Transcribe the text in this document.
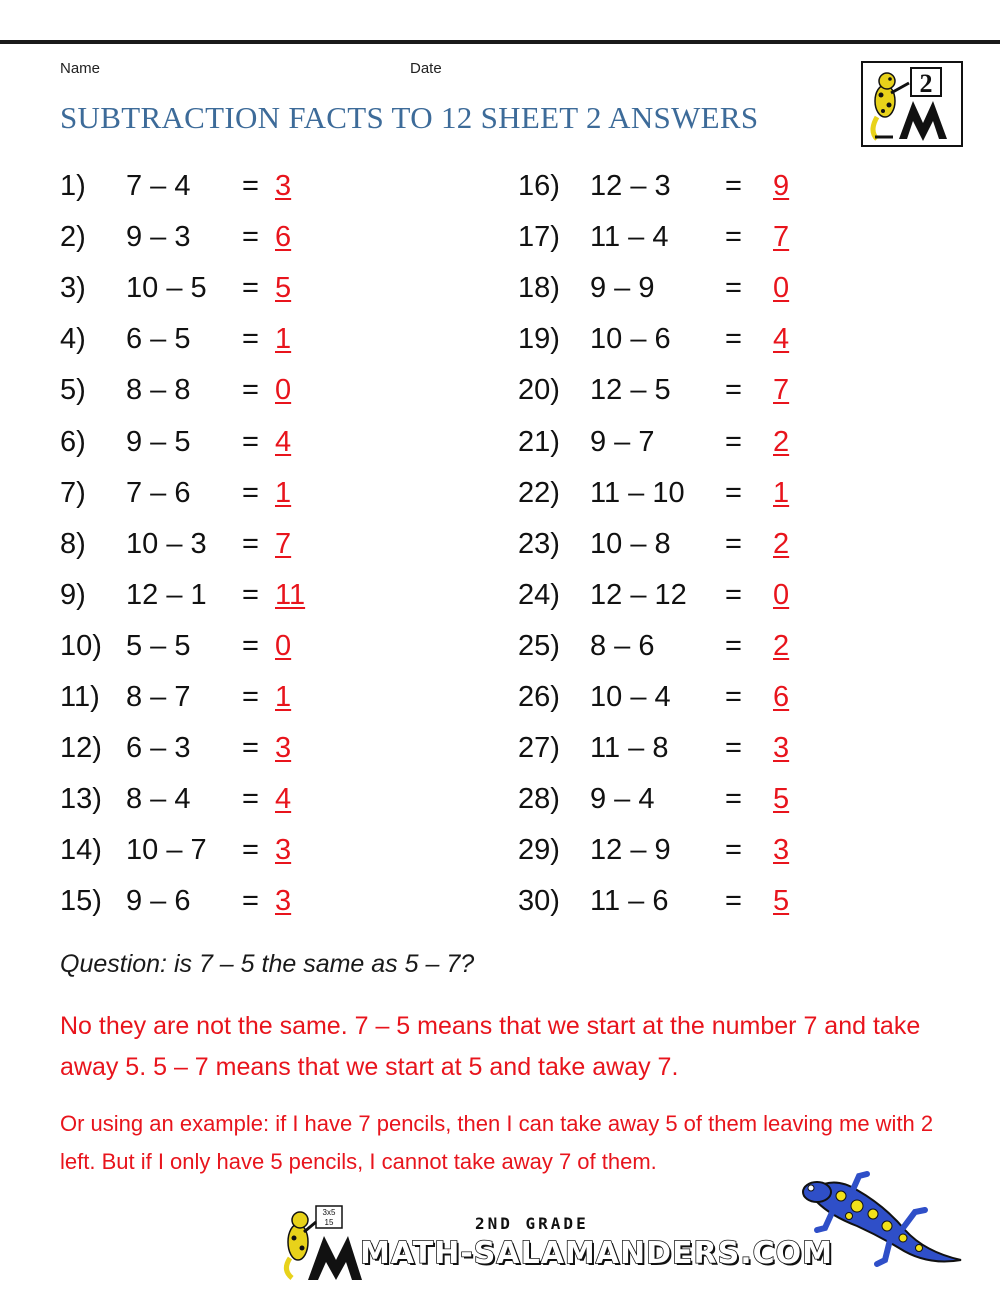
Name	Date
SUBTRACTION FACTS TO 12 SHEET 2 ANSWERS
2
1) 7 – 4 = 3
2) 9 – 3 = 6
3) 10 – 5 = 5
4) 6 – 5 = 1
5) 8 – 8 = 0
6) 9 – 5 = 4
7) 7 – 6 = 1
8) 10 – 3 = 7
9) 12 – 1 = 11
10) 5 – 5 = 0
11) 8 – 7 = 1
12) 6 – 3 = 3
13) 8 – 4 = 4
14) 10 – 7 = 3
15) 9 – 6 = 3
16) 12 – 3 = 9
17) 11 – 4 = 7
18) 9 – 9 = 0
19) 10 – 6 = 4
20) 12 – 5 = 7
21) 9 – 7 = 2
22) 11 – 10 = 1
23) 10 – 8 = 2
24) 12 – 12 = 0
25) 8 – 6 = 2
26) 10 – 4 = 6
27) 11 – 8 = 3
28) 9 – 4 = 5
29) 12 – 9 = 3
30) 11 – 6 = 5
Question: is 7 – 5 the same as 5 – 7?
No they are not the same. 7 – 5 means that we start at the number 7 and take away 5. 5 – 7 means that we start at 5 and take away 7.
Or using an example: if I have 7 pencils, then I can take away 5 of them leaving me with 2 left. But if I only have 5 pencils, I cannot take away 7 of them.
3x5
15	2ND GRADE
MATH-SALAMANDERS.COM
